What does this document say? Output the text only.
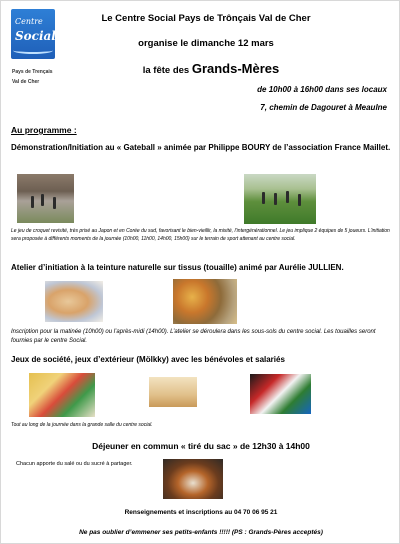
Centre
Social
Pays de Trençais
Val de Cher
Le Centre Social Pays de Trônçais Val de Cher
organise le dimanche 12 mars
la fête des Grands-Mères
de 10h00 à 16h00 dans ses locaux
7, chemin de Dagouret à Meaulne
Au programme :
Démonstration/Initiation au « Gateball » animée par Philippe BOURY de l’association France Maillet.
Le jeu de croquet revisité, très prisé au Japon et en Corée du sud, favorisant le bien-vieillir, la mixité, l’intergénérationnel. Le jeu implique 2 équipes de 5 joueurs. L’initiation sera proposée à différents moments de la journée (10h00, 11h00, 14h00, 15h00) sur le terrain de sport attenant au centre social.
Atelier d’initiation à la teinture naturelle sur tissus (touaille) animé par Aurélie JULLIEN.
Inscription pour la matinée (10h00) ou l’après-midi (14h00). L’atelier se déroulera dans les sous-sols du centre social. Les touailles seront fournies par le centre Social.
Jeux de société, jeux d’extérieur (Mölkky) avec les bénévoles et salariés
Tout au long de la journée dans la grande salle du centre social.
Déjeuner en commun « tiré du sac » de 12h30 à 14h00
Chacun apporte du salé ou du sucré à partager.
Renseignements et inscriptions au 04 70 06 95 21
Ne pas oublier d’emmener ses petits-enfants !!!!! (PS : Grands-Pères acceptés)
